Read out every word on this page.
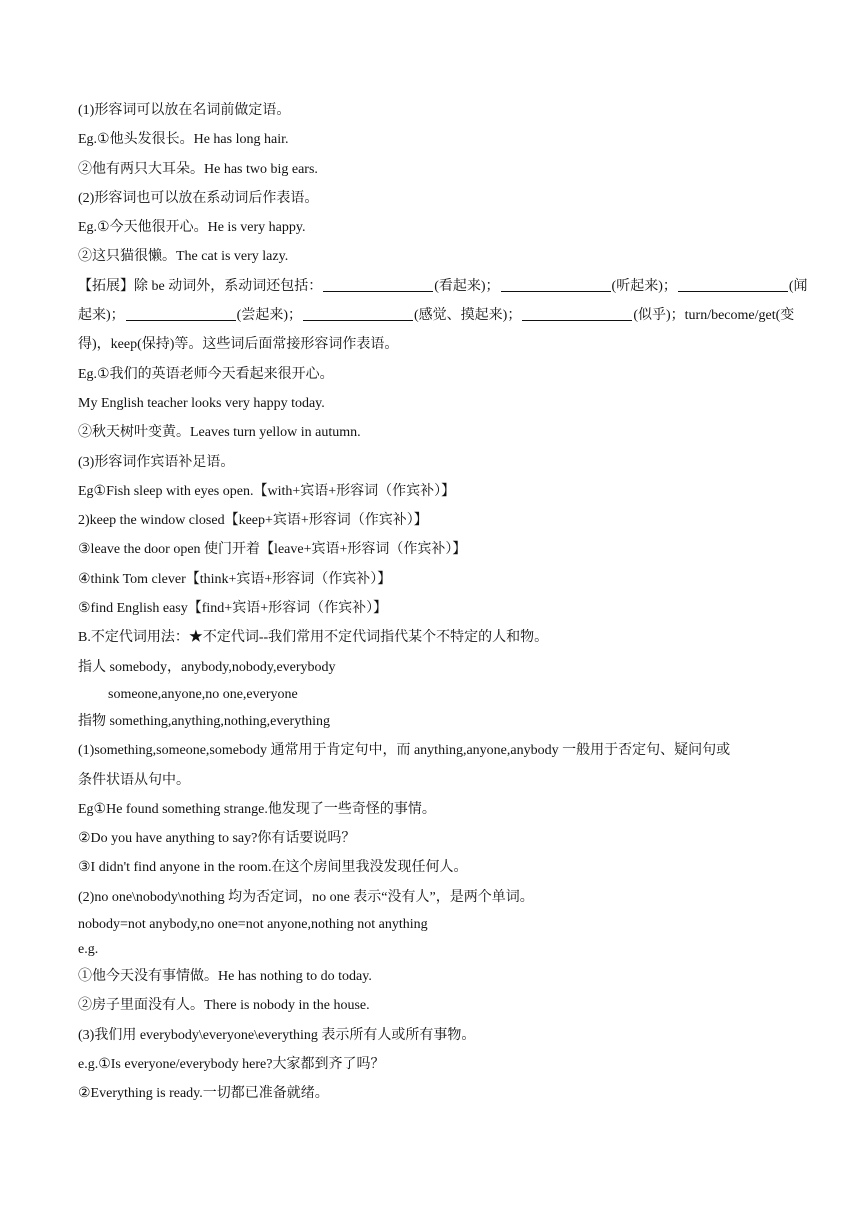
(1)形容词可以放在名词前做定语。
Eg.①他头发很长。He has long hair.
②他有两只大耳朵。He has two big ears.
(2)形容词也可以放在系动词后作表语。
Eg.①今天他很开心。He is very happy.
②这只猫很懒。The cat is very lazy.
【拓展】除 be 动词外，系动词还包括：	(看起来)；	(听起来)；	(闻
起来)；	(尝起来)；	(感觉、摸起来)；	(似乎)；turn/become/get(变
得)，keep(保持)等。这些词后面常接形容词作表语。
Eg.①我们的英语老师今天看起来很开心。
My English teacher looks very happy today.
②秋天树叶变黄。Leaves turn yellow in autumn.
(3)形容词作宾语补足语。
Eg①Fish sleep with eyes open.【with+宾语+形容词（作宾补）】
2)keep the window closed【keep+宾语+形容词（作宾补）】
③leave the door open 使门开着【leave+宾语+形容词（作宾补）】
④think Tom clever【think+宾语+形容词（作宾补）】
⑤find English easy【find+宾语+形容词（作宾补）】
B.不定代词用法：★不定代词--我们常用不定代词指代某个不特定的人和物。
指人 somebody，anybody,nobody,everybody
someone,anyone,no one,everyone
指物 something,anything,nothing,everything
(1)something,someone,somebody 通常用于肯定句中，而 anything,anyone,anybody 一般用于否定句、疑问句或
条件状语从句中。
Eg①He found something strange.他发现了一些奇怪的事情。
②Do you have anything to say?你有话要说吗？
③I didn't find anyone in the room.在这个房间里我没发现任何人。
(2)no one\nobody\nothing 均为否定词，no one 表示“没有人”，是两个单词。
nobody=not anybody,no one=not anyone,nothing not anything
e.g.
①他今天没有事情做。He has nothing to do today.
②房子里面没有人。There is nobody in the house.
(3)我们用 everybody\everyone\everything 表示所有人或所有事物。
e.g.①Is everyone/everybody here?大家都到齐了吗？
②Everything is ready.一切都已准备就绪。
